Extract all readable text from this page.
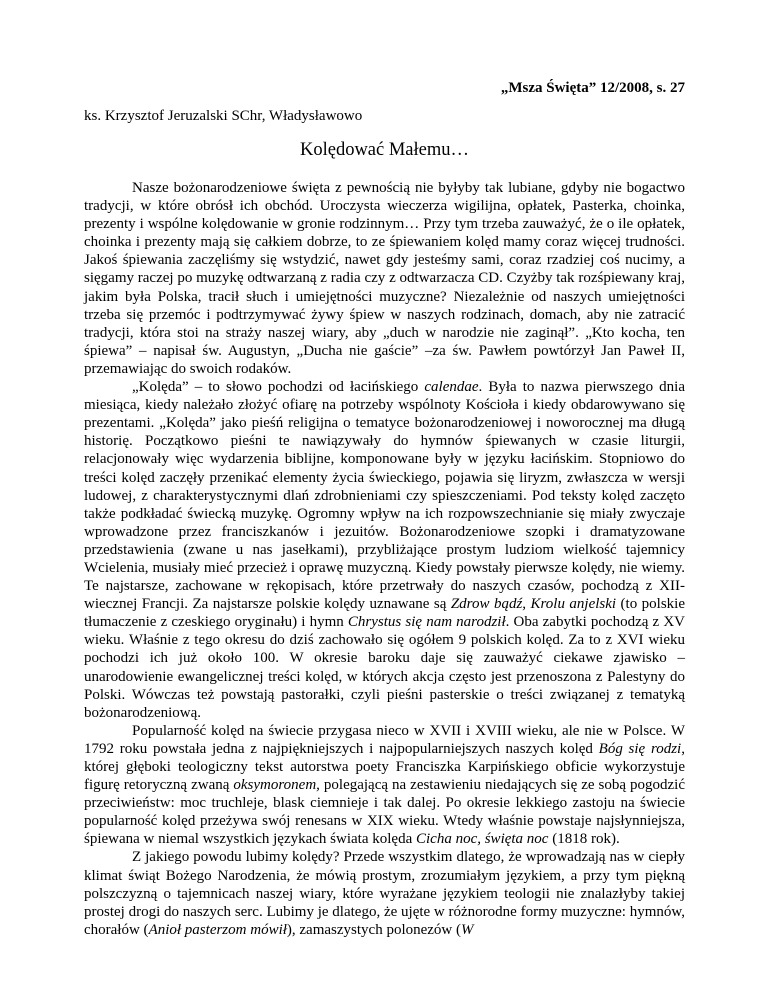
„Msza Święta” 12/2008, s. 27
ks. Krzysztof Jeruzalski SChr, Władysławowo
Kolędować Małemu…

Nasze bożonarodzeniowe święta z pewnością nie byłyby tak lubiane, gdyby nie bogactwo tradycji, w które obrósł ich obchód. Uroczysta wieczerza wigilijna, opłatek, Pasterka, choinka, prezenty i wspólne kolędowanie w gronie rodzinnym… Przy tym trzeba zauważyć, że o ile opłatek, choinka i prezenty mają się całkiem dobrze, to ze śpiewaniem kolęd mamy coraz więcej trudności. Jakoś śpiewania zaczęliśmy się wstydzić, nawet gdy jesteśmy sami, coraz rzadziej coś nucimy, a sięgamy raczej po muzykę odtwarzaną z radia czy z odtwarzacza CD. Czyżby tak rozśpiewany kraj, jakim była Polska, tracił słuch i umiejętności muzyczne? Niezależnie od naszych umiejętności trzeba się przemóc i podtrzymywać żywy śpiew w naszych rodzinach, domach, aby nie zatracić tradycji, która stoi na straży naszej wiary, aby „duch w narodzie nie zaginął”. „Kto kocha, ten śpiewa” – napisał św. Augustyn, „Ducha nie gaście” –za św. Pawłem powtórzył Jan Paweł II, przemawiając do swoich rodaków.

„Kolęda” – to słowo pochodzi od łacińskiego calendae. Była to nazwa pierwszego dnia miesiąca, kiedy należało złożyć ofiarę na potrzeby wspólnoty Kościoła i kiedy obdarowywano się prezentami. „Kolęda” jako pieśń religijna o tematyce bożonarodzeniowej i noworocznej ma długą historię. Początkowo pieśni te nawiązywały do hymnów śpiewanych w czasie liturgii, relacjonowały więc wydarzenia biblijne, komponowane były w języku łacińskim. Stopniowo do treści kolęd zaczęły przenikać elementy życia świeckiego, pojawia się liryzm, zwłaszcza w wersji ludowej, z charakterystycznymi dlań zdrobnieniami czy spieszczeniami. Pod teksty kolęd zaczęto także podkładać świecką muzykę. Ogromny wpływ na ich rozpowszechnianie się miały zwyczaje wprowadzone przez franciszkanów i jezuitów. Bożonarodzeniowe szopki i dramatyzowane przedstawienia (zwane u nas jasełkami), przybliżające prostym ludziom wielkość tajemnicy Wcielenia, musiały mieć przecież i oprawę muzyczną. Kiedy powstały pierwsze kolędy, nie wiemy. Te najstarsze, zachowane w rękopisach, które przetrwały do naszych czasów, pochodzą z XII-wiecznej Francji. Za najstarsze polskie kolędy uznawane są Zdrow bądź, Krolu anjelski (to polskie tłumaczenie z czeskiego oryginału) i hymn Chrystus się nam narodził. Oba zabytki pochodzą z XV wieku. Właśnie z tego okresu do dziś zachowało się ogółem 9 polskich kolęd. Za to z XVI wieku pochodzi ich już około 100. W okresie baroku daje się zauważyć ciekawe zjawisko – unarodowienie ewangelicznej treści kolęd, w których akcja często jest przenoszona z Palestyny do Polski. Wówczas też powstają pastorałki, czyli pieśni pasterskie o treści związanej z tematyką bożonarodzeniową.

Popularność kolęd na świecie przygasa nieco w XVII i XVIII wieku, ale nie w Polsce. W 1792 roku powstała jedna z najpiękniejszych i najpopularniejszych naszych kolęd Bóg się rodzi, której głęboki teologiczny tekst autorstwa poety Franciszka Karpińskiego obficie wykorzystuje figurę retoryczną zwaną oksymoronem, polegającą na zestawieniu niedających się ze sobą pogodzić przeciwieństw: moc truchleje, blask ciemnieje i tak dalej. Po okresie lekkiego zastoju na świecie popularność kolęd przeżywa swój renesans w XIX wieku. Wtedy właśnie powstaje najsłynniejsza, śpiewana w niemal wszystkich językach świata kolęda Cicha noc, święta noc (1818 rok).

Z jakiego powodu lubimy kolędy? Przede wszystkim dlatego, że wprowadzają nas w ciepły klimat świąt Bożego Narodzenia, że mówią prostym, zrozumiałym językiem, a przy tym piękną polszczyzną o tajemnicach naszej wiary, które wyrażane językiem teologii nie znalazłyby takiej prostej drogi do naszych serc. Lubimy je dlatego, że ujęte w różnorodne formy muzyczne: hymnów, chorałów (Anioł pasterzom mówił), zamaszystych polonezów (W
